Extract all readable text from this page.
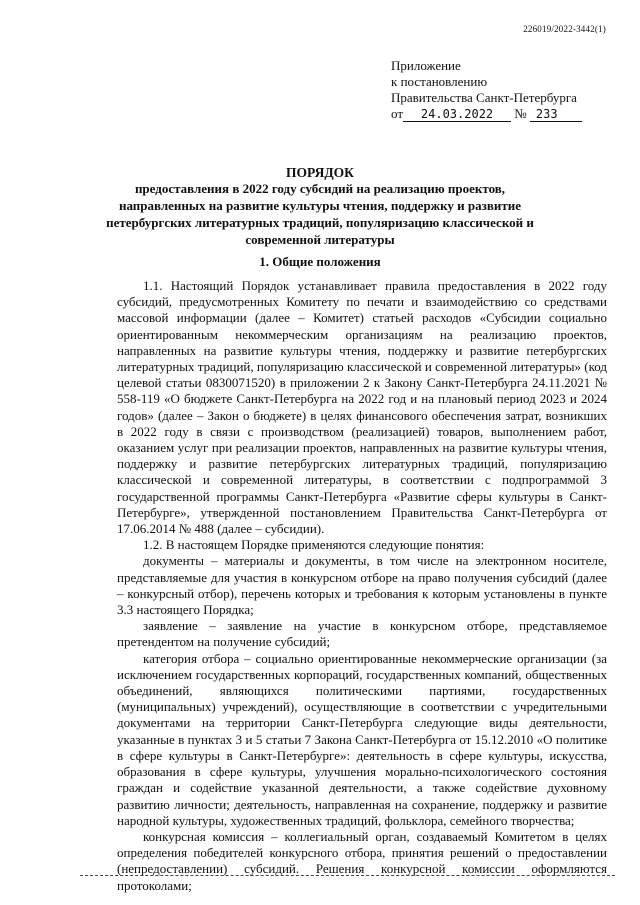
226019/2022-3442(1)
Приложение
к постановлению
Правительства Санкт-Петербурга
от 24.03.2022 № 233
ПОРЯДОК
предоставления в 2022 году субсидий на реализацию проектов, направленных на развитие культуры чтения, поддержку и развитие петербургских литературных традиций, популяризацию классической и современной литературы
1. Общие положения

1.1. Настоящий Порядок устанавливает правила предоставления в 2022 году субсидий, предусмотренных Комитету по печати и взаимодействию со средствами массовой информации (далее – Комитет) статьей расходов «Субсидии социально ориентированным некоммерческим организациям на реализацию проектов, направленных на развитие культуры чтения, поддержку и развитие петербургских литературных традиций, популяризацию классической и современной литературы» (код целевой статьи 0830071520) в приложении 2 к Закону Санкт-Петербурга 24.11.2021 № 558-119 «О бюджете Санкт-Петербурга на 2022 год и на плановый период 2023 и 2024 годов» (далее – Закон о бюджете) в целях финансового обеспечения затрат, возникших в 2022 году в связи с производством (реализацией) товаров, выполнением работ, оказанием услуг при реализации проектов, направленных на развитие культуры чтения, поддержку и развитие петербургских литературных традиций, популяризацию классической и современной литературы, в соответствии с подпрограммой 3 государственной программы Санкт-Петербурга «Развитие сферы культуры в Санкт-Петербурге», утвержденной постановлением Правительства Санкт-Петербурга от 17.06.2014 № 488 (далее – субсидии).

1.2. В настоящем Порядке применяются следующие понятия:

документы – материалы и документы, в том числе на электронном носителе, представляемые для участия в конкурсном отборе на право получения субсидий (далее – конкурсный отбор), перечень которых и требования к которым установлены в пункте 3.3 настоящего Порядка;

заявление – заявление на участие в конкурсном отборе, представляемое претендентом на получение субсидий;

категория отбора – социально ориентированные некоммерческие организации (за исключением государственных корпораций, государственных компаний, общественных объединений, являющихся политическими партиями, государственных (муниципальных) учреждений), осуществляющие в соответствии с учредительными документами на территории Санкт-Петербурга следующие виды деятельности, указанные в пунктах 3 и 5 статьи 7 Закона Санкт-Петербурга от 15.12.2010 «О политике в сфере культуры в Санкт-Петербурге»: деятельность в сфере культуры, искусства, образования в сфере культуры, улучшения морально-психологического состояния граждан и содействие указанной деятельности, а также содействие духовному развитию личности; деятельность, направленная на сохранение, поддержку и развитие народной культуры, художественных традиций, фольклора, семейного творчества;

конкурсная комиссия – коллегиальный орган, создаваемый Комитетом в целях определения победителей конкурсного отбора, принятия решений о предоставлении (непредоставлении) субсидий. Решения конкурсной комиссии оформляются протоколами;
